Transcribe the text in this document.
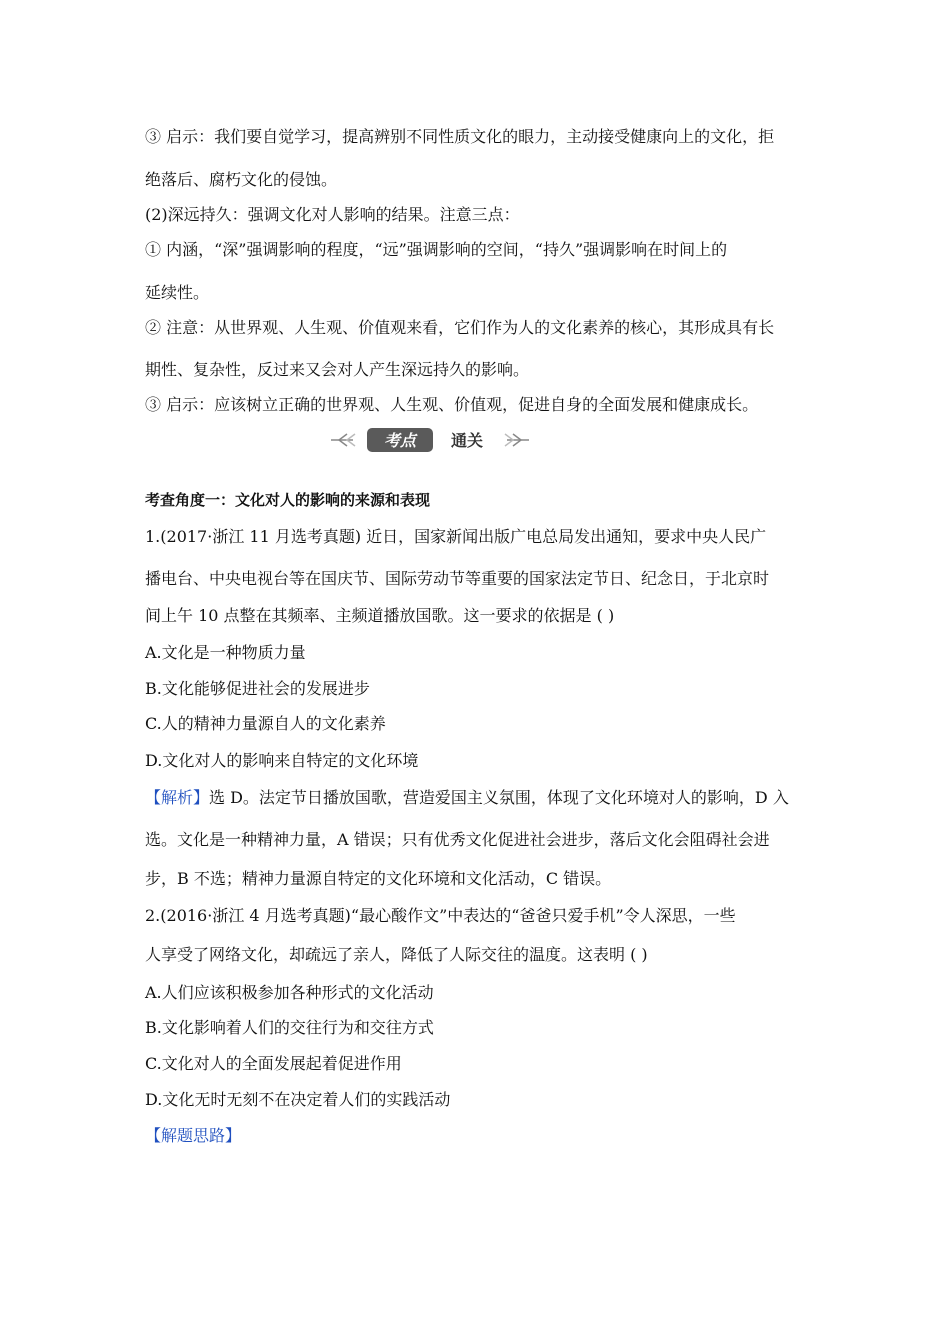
③ 启示：我们要自觉学习，提高辨别不同性质文化的眼力，主动接受健康向上的文化，拒
绝落后、腐朽文化的侵蚀。
(2)深远持久：强调文化对人影响的结果。注意三点：
① 内涵，“深”强调影响的程度，“远”强调影响的空间，“持久”强调影响在时间上的
延续性。
② 注意：从世界观、人生观、价值观来看，它们作为人的文化素养的核心，其形成具有长
期性、复杂性，反过来又会对人产生深远持久的影响。
③ 启示：应该树立正确的世界观、人生观、价值观，促进自身的全面发展和健康成长。
考点 通关
考查角度一：文化对人的影响的来源和表现
1.(2017·浙江 11 月选考真题) 近日，国家新闻出版广电总局发出通知，要求中央人民广
播电台、中央电视台等在国庆节、国际劳动节等重要的国家法定节日、纪念日，于北京时
间上午 10 点整在其频率、主频道播放国歌。这一要求的依据是 ( )
A.文化是一种物质力量
B.文化能够促进社会的发展进步
C.人的精神力量源自人的文化素养
D.文化对人的影响来自特定的文化环境
【解析】选 D。法定节日播放国歌，营造爱国主义氛围，体现了文化环境对人的影响，D 入
选。文化是一种精神力量，A 错误；只有优秀文化促进社会进步，落后文化会阻碍社会进
步，B 不选；精神力量源自特定的文化环境和文化活动，C 错误。
2.(2016·浙江 4 月选考真题)“最心酸作文”中表达的“爸爸只爱手机”令人深思，一些
人享受了网络文化，却疏远了亲人，降低了人际交往的温度。这表明 ( )
A.人们应该积极参加各种形式的文化活动
B.文化影响着人们的交往行为和交往方式
C.文化对人的全面发展起着促进作用
D.文化无时无刻不在决定着人们的实践活动
【解题思路】
